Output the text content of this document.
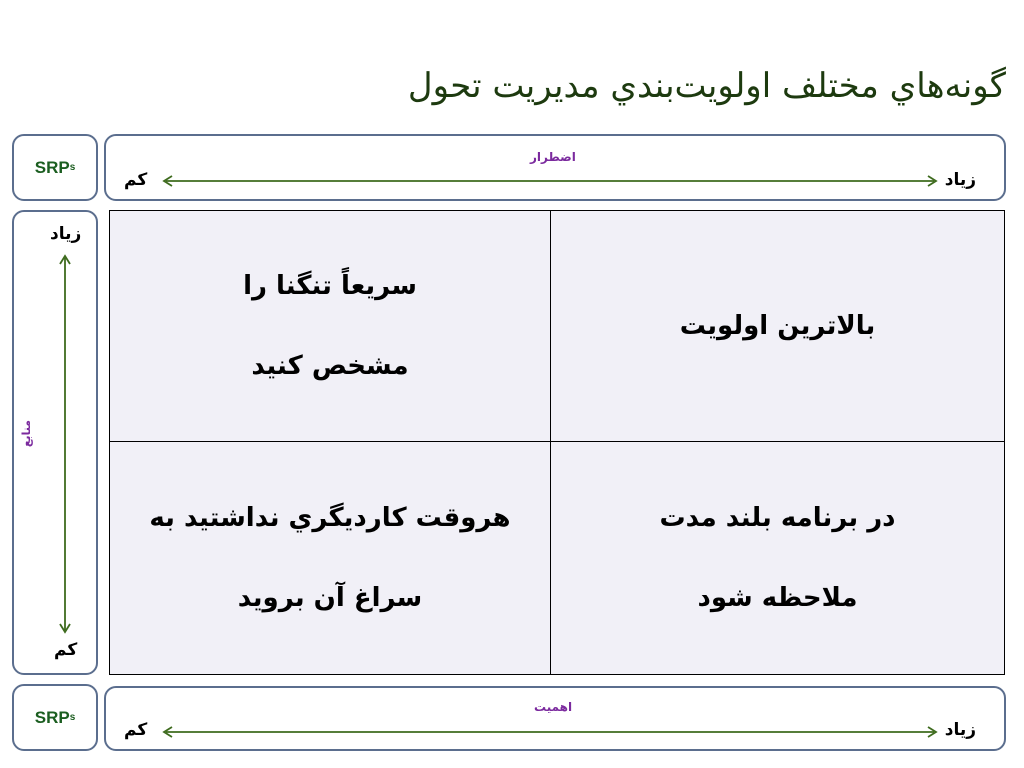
گونه‌هاي مختلف اولويت‌بندي مديريت تحول
SRP s
اضطرار
زياد
كم
زياد
كم
منابع
سريعاً تنگنا را
مشخص كنيد
بالاترين اولويت
هروقت كارديگري نداشتيد به
سراغ آن برويد
در برنامه بلند مدت
ملاحظه شود
SRP s
اهميت
زياد
كم
